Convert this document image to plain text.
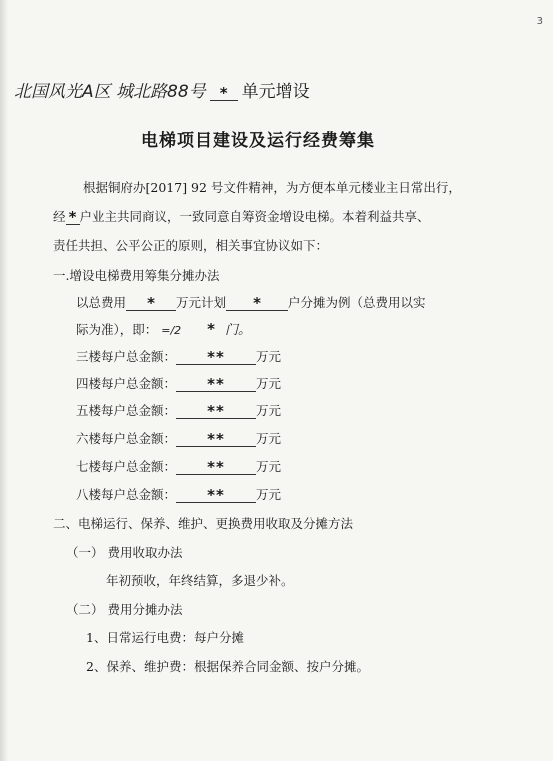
3
北国风光A区 城北路88号 * 单元增设
电梯项目建设及运行经费筹集
根据铜府办[2017] 92 号文件精神，为方便本单元楼业主日常出行，
经 * 户业主共同商议，一致同意自筹资金增设电梯。本着利益共享、
责任共担、公平公正的原则，相关事宜协议如下：
一.增设电梯费用筹集分摊办法
以总费用 * 万元计划 * 户分摊为例（总费用以实
际为准），即： =/2 * 门。
三楼每户总金额： ** 万元
四楼每户总金额： ** 万元
五楼每户总金额： ** 万元
六楼每户总金额： ** 万元
七楼每户总金额： ** 万元
八楼每户总金额： ** 万元
二、电梯运行、保养、维护、更换费用收取及分摊方法
（一） 费用收取办法
年初预收，年终结算，多退少补。
（二） 费用分摊办法
1、日常运行电费：每户分摊
2、保养、维护费：根据保养合同金额、按户分摊。
